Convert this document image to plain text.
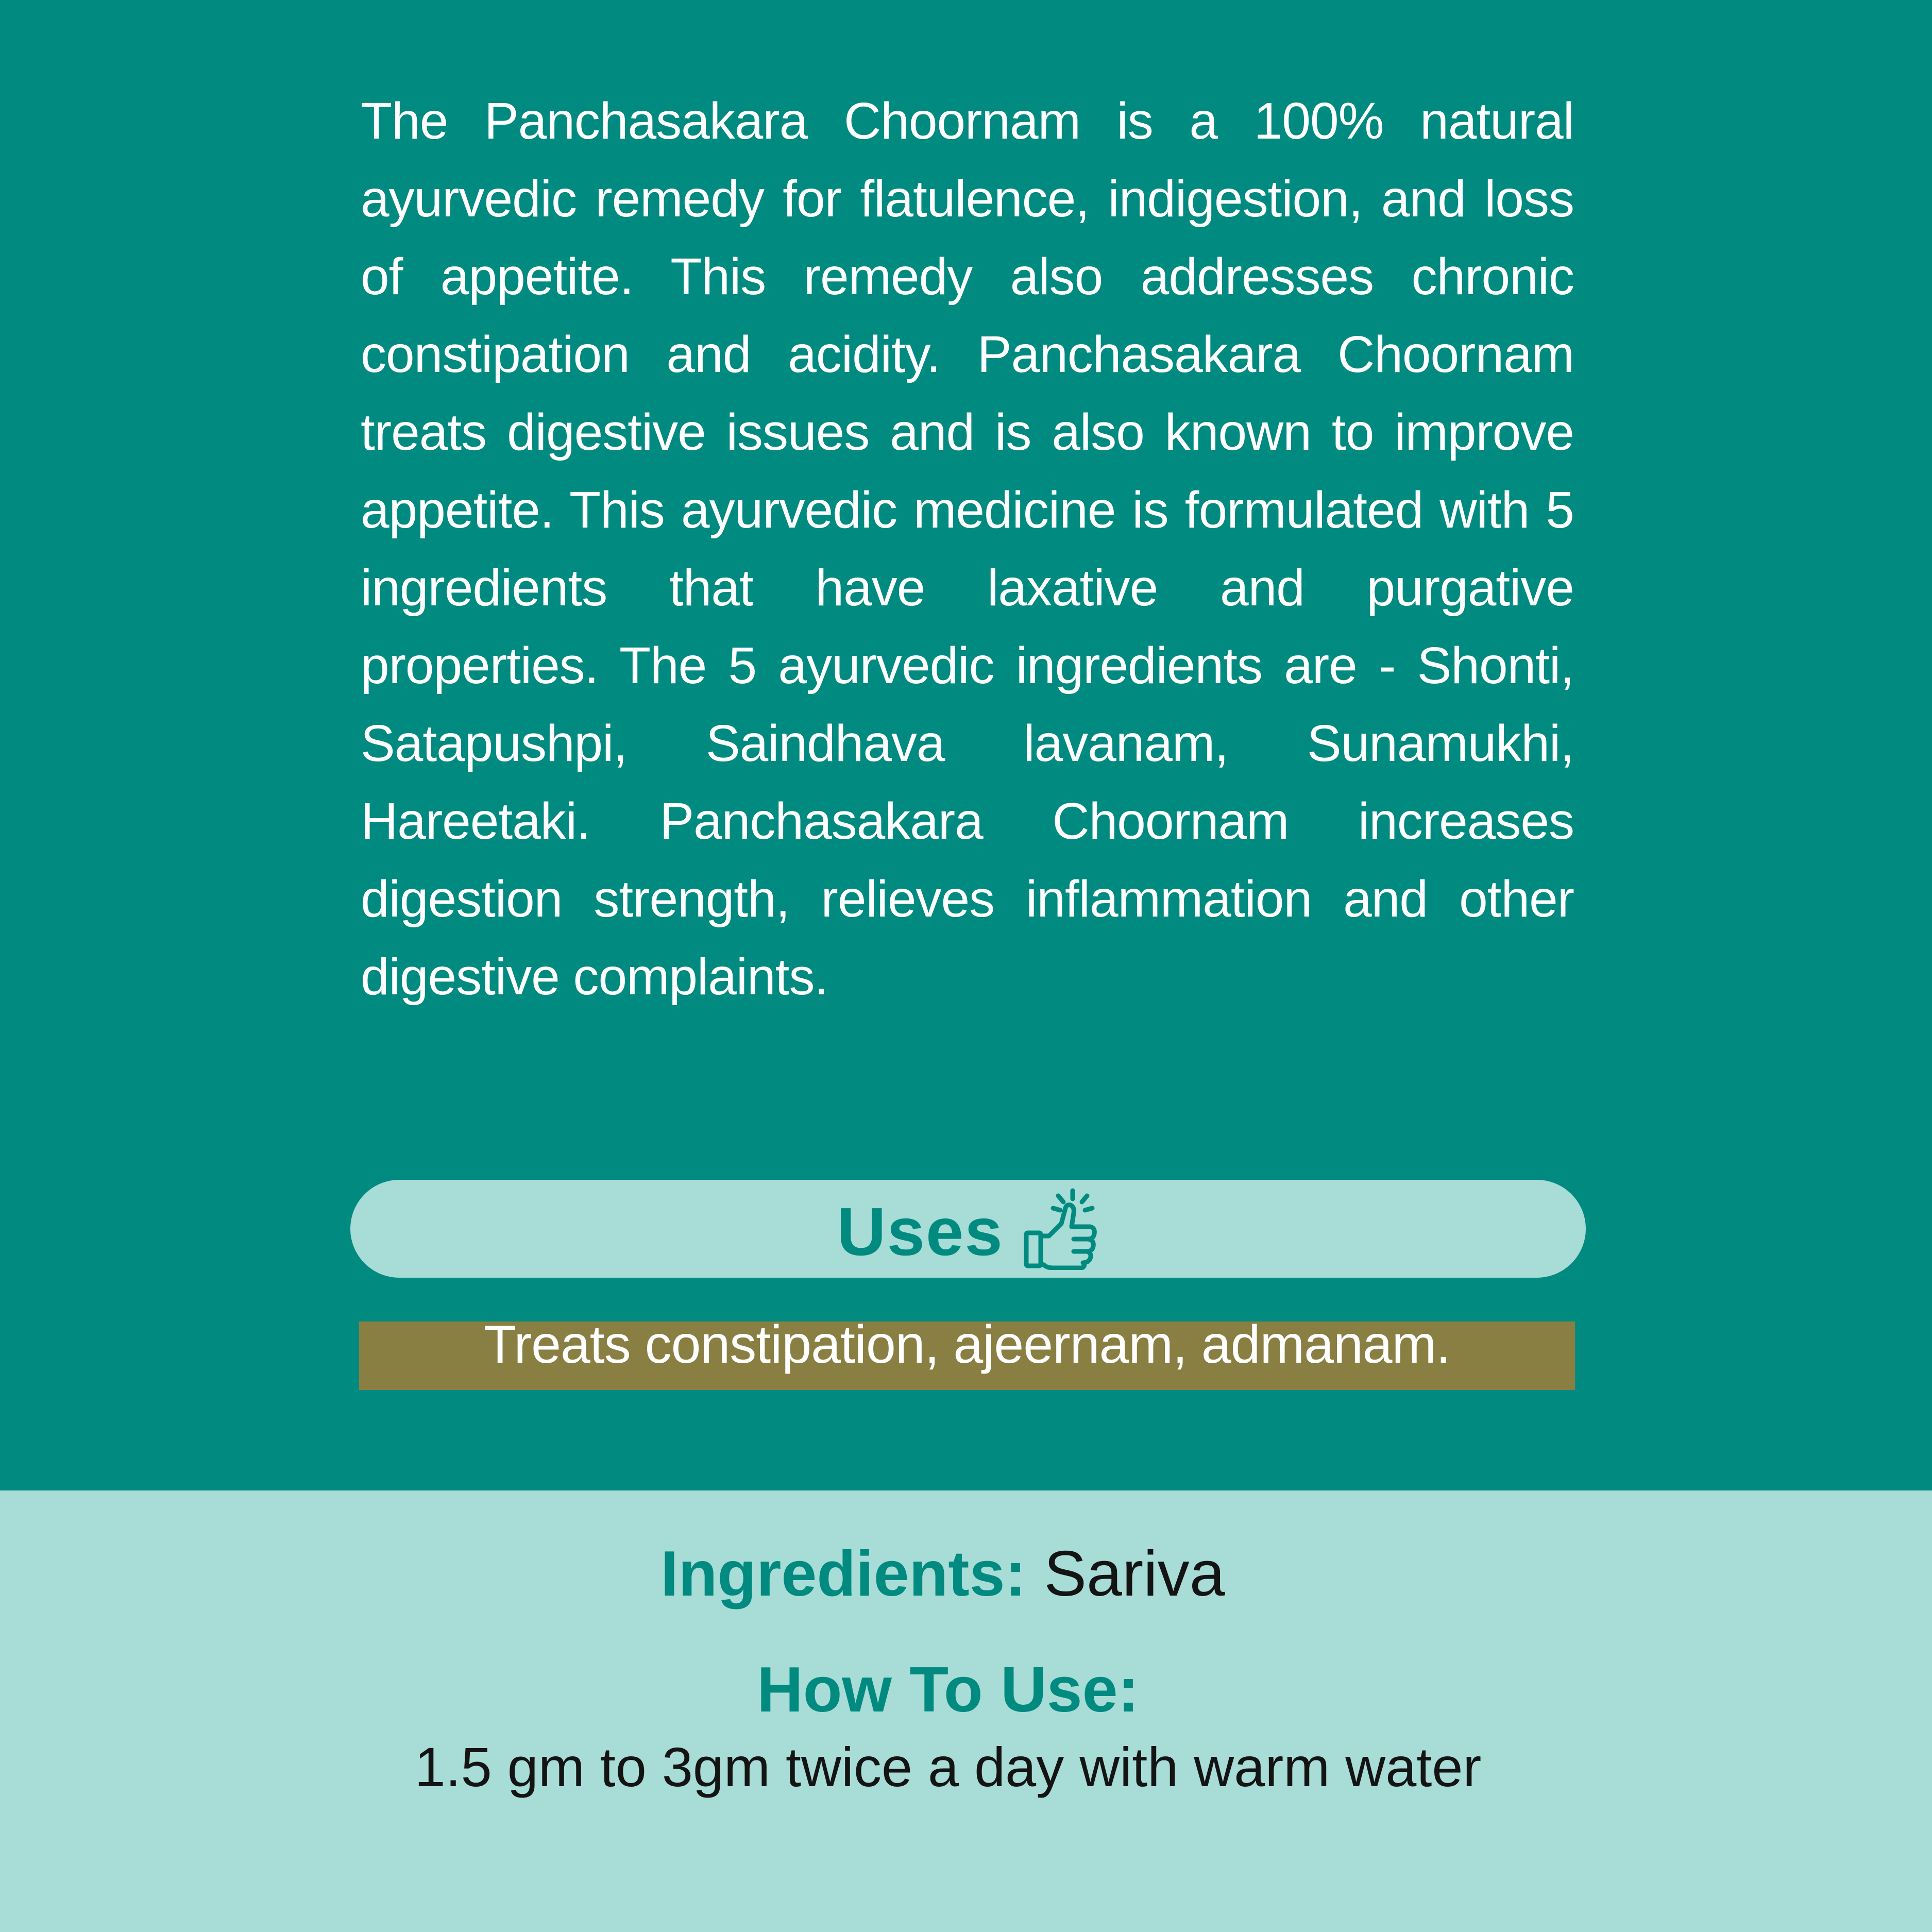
The Panchasakara Choornam is a 100% natural ayurvedic remedy for flatulence, indigestion, and loss of appetite. This remedy also addresses chronic constipation and acidity. Panchasakara Choornam treats digestive issues and is also known to improve appetite. This ayurvedic medicine is formulated with 5 ingredients that have laxative and purgative properties. The 5 ayurvedic ingredients are - Shonti, Satapushpi, Saindhava lavanam, Sunamukhi, Hareetaki. Panchasakara Choornam increases digestion strength, relieves inflammation and other digestive complaints.

Uses
Treats constipation, ajeernam, admanam.
Ingredients: Sariva
How To Use:
1.5 gm to 3gm twice a day with warm water
